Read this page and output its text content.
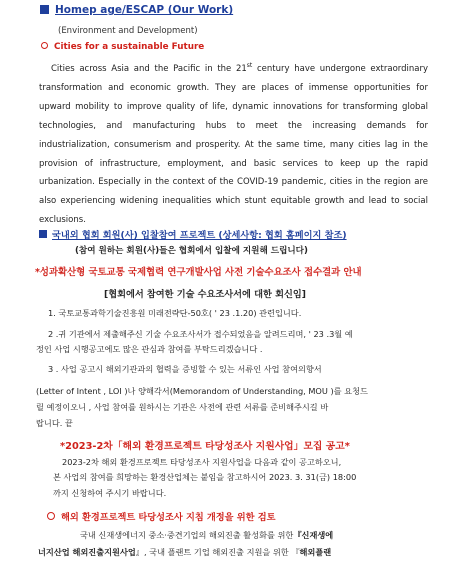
Homep age/ESCAP (Our Work)
(Environment and Development)
Cities for a sustainable Future

Cities across Asia and the Pacific in the 21st century have undergone extraordinary transformation and economic growth. They are places of immense opportunities for upward mobility to improve quality of life, dynamic innovations for transforming global technologies, and manufacturing hubs to meet the increasing demands for industrialization, consumerism and prosperity. At the same time, many cities lag in the provision of infrastructure, employment, and basic services to keep up the rapid urbanization. Especially in the context of the COVID-19 pandemic, cities in the region are also experiencing widening inequalities which stunt equitable growth and lead to social exclusions.

국내외 협회 회원(사) 입찰참여 프로젝트 (상세사항: 협회 홈페이지 참조)
(참여 원하는 회원(사)들은 협회에서 입찰에 지원해 드립니다)
*성과확산형 국토교통 국제협력 연구개발사업 사전 기술수요조사 접수결과 안내
[협회에서 참여한 기술 수요조사서에 대한 회신임]
1. 국토교통과학기술진흥원 미래전략단-50호( ' 23 .1.20) 관련입니다.
2 .귀 기관에서 제출해주신 기술 수요조사서가 접수되었음을 알려드리며, ' 23 .3월 예
정인 사업 시행공고에도 많은 관심과 참여를 부탁드리겠습니다 .
3 . 사업 공고시 해외기관과의 협력을 증빙할 수 있는 서류인 사업 참여의향서
(Letter of Intent , LOI )나 양해각서(Memorandom of Understanding, MOU )를 요청드
릴 예정이오니 , 사업 참여를 원하시는 기관은 사전에 관련 서류를 준비해주시길 바
랍니다. 끝
*2023-2차「해외 환경프로젝트 타당성조사 지원사업」모집 공고*
2023-2차 해외 환경프로젝트 타당성조사 지원사업을 다음과 같이 공고하오니,
본 사업의 참여를 희망하는 환경산업체는 붙임을 참고하시어 2023. 3. 31(금) 18:00
까지 신청하여 주시기 바랍니다.
해외 환경프로젝트 타당성조사 지침 개정을 위한 검토
국내 신재생에너지 중소·중견기업의 해외진출 활성화를 위한『신재생에
너지산업 해외진출지원사업』, 국내 플랜트 기업 해외진출 지원을 위한 『해외플랜
